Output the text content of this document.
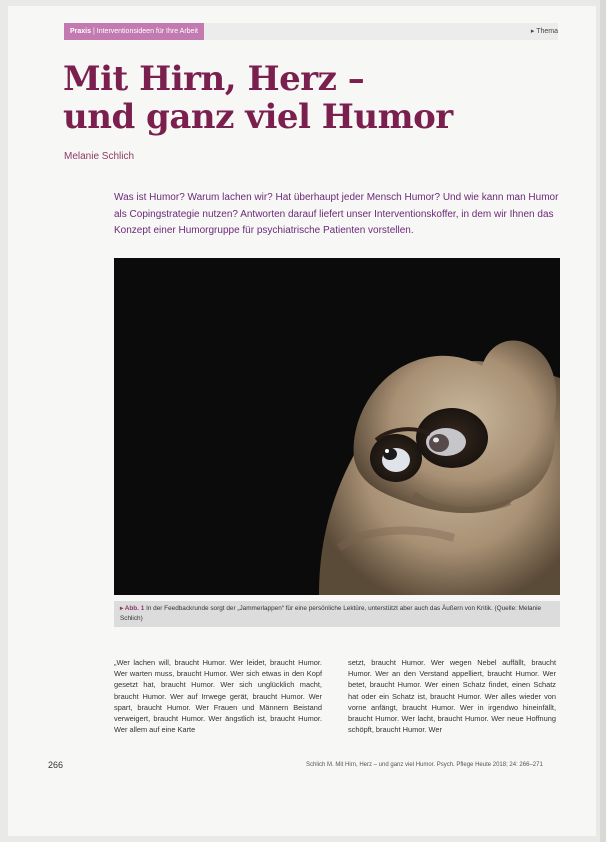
Praxis | Interventionsideen für Ihre Arbeit	▸ Thema
Mit Hirn, Herz –
und ganz viel Humor
Melanie Schlich

Was ist Humor? Warum lachen wir? Hat überhaupt jeder Mensch Humor? Und wie kann man Humor als Copingstrategie nutzen? Antworten darauf liefert unser Interventionskoffer, in dem wir Ihnen das Konzept einer Humorgruppe für psychiatrische Patienten vorstellen.

▸ Abb. 1 In der Feedbackrunde sorgt der „Jammerlappen“ für eine persönliche Lektüre, unterstützt aber auch das Äußern von Kritik. (Quelle: Melanie Schlich)
„Wer lachen will, braucht Humor. Wer leidet, braucht Humor. Wer warten muss, braucht Humor. Wer sich etwas in den Kopf gesetzt hat, braucht Humor. Wer sich unglücklich macht, braucht Humor. Wer auf Irrwege gerät, braucht Humor. Wer spart, braucht Humor. Wer Frauen und Männern Beistand verweigert, braucht Humor. Wer ängstlich ist, braucht Humor. Wer allem auf eine Karte
setzt, braucht Humor. Wer wegen Nebel auffällt, braucht Humor. Wer an den Verstand appelliert, braucht Humor. Wer betet, braucht Humor. Wer einen Schatz findet, einen Schatz hat oder ein Schatz ist, braucht Humor. Wer alles wieder von vorne anfängt, braucht Humor. Wer in irgendwo hineinfällt, braucht Humor. Wer lacht, braucht Humor. Wer neue Hoffnung schöpft, braucht Humor. Wer
266	Schlich M. Mit Hirn, Herz – und ganz viel Humor. Psych. Pflege Heute 2018; 24: 266–271
